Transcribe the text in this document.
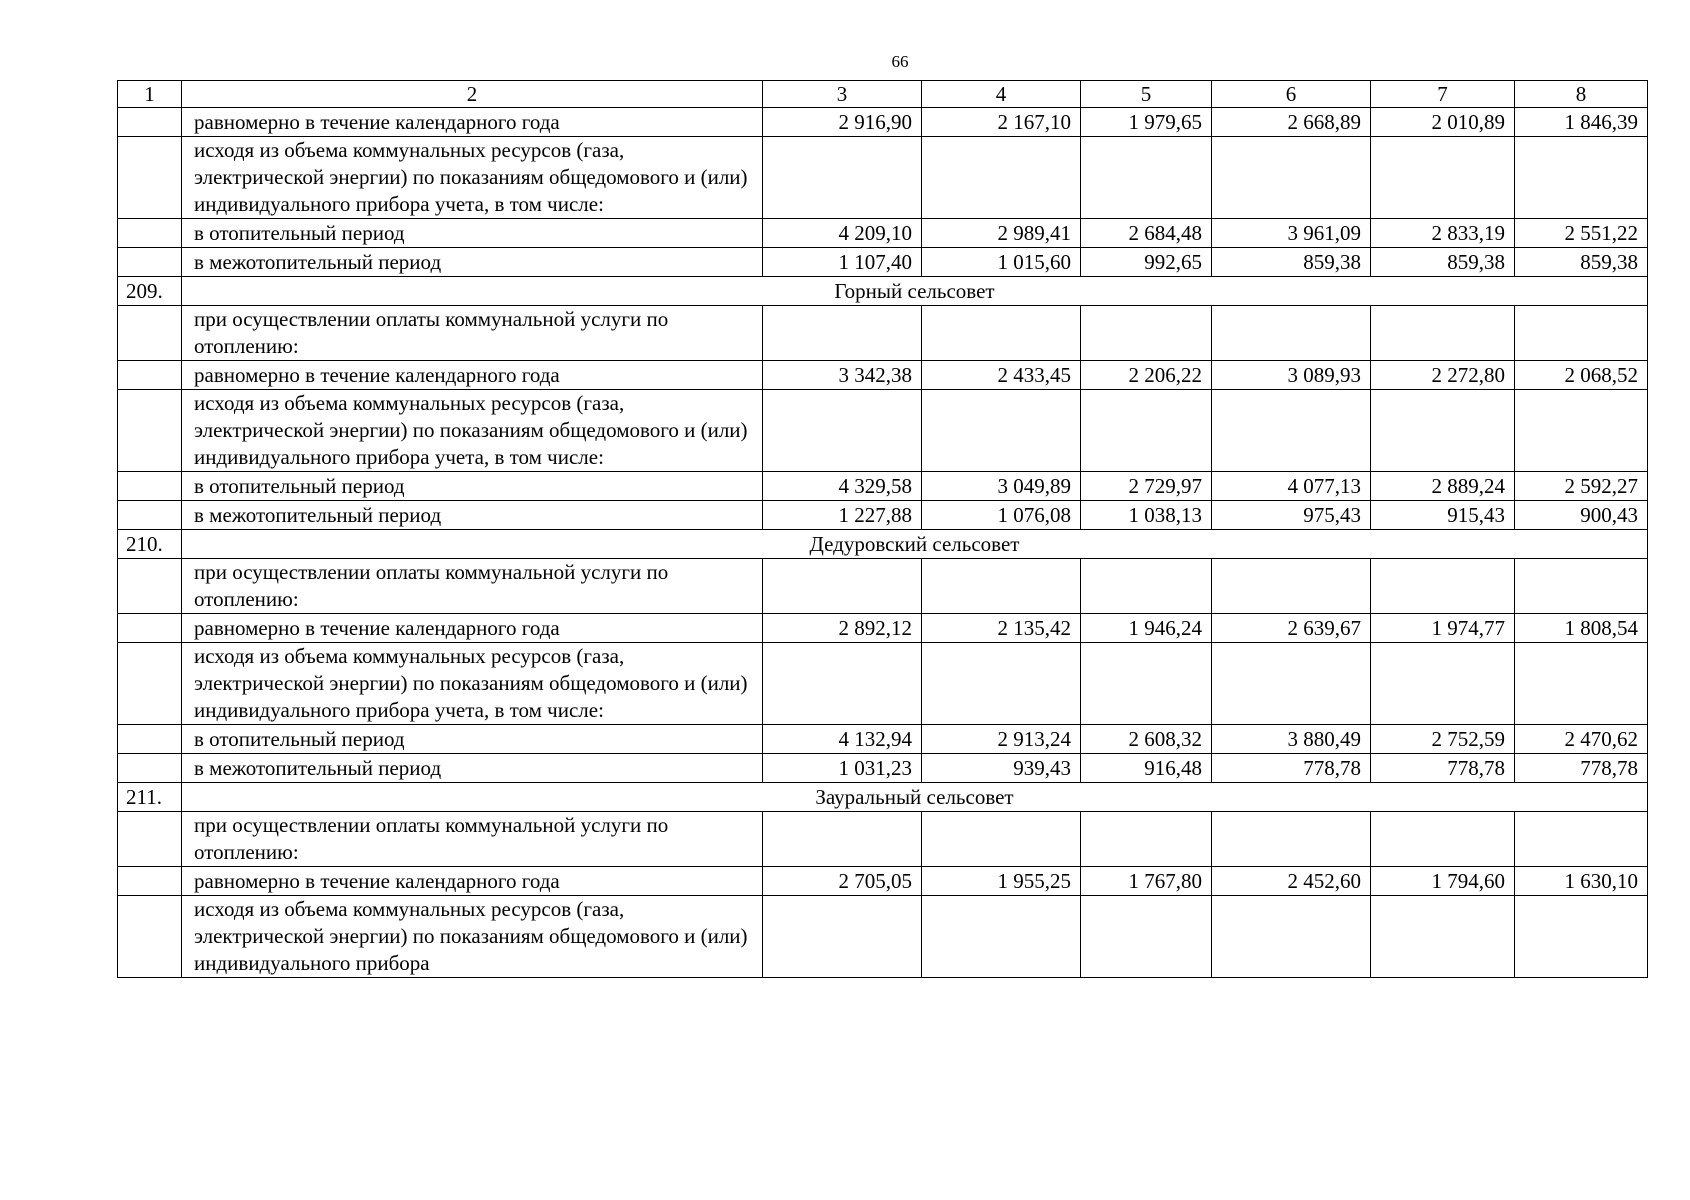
66
1	2	3	4	5	6	7	8
	равномерно в течение календарного года	2 916,90	2 167,10	1 979,65	2 668,89	2 010,89	1 846,39
	исходя из объема коммунальных ресурсов (газа, электрической энергии) по показаниям общедомового и (или) индивидуального прибора учета, в том числе:						
	в отопительный период	4 209,10	2 989,41	2 684,48	3 961,09	2 833,19	2 551,22
	в межотопительный период	1 107,40	1 015,60	992,65	859,38	859,38	859,38
209.	Горный сельсовет						
	при осуществлении оплаты коммунальной услуги по отоплению:						
	равномерно в течение календарного года	3 342,38	2 433,45	2 206,22	3 089,93	2 272,80	2 068,52
	исходя из объема коммунальных ресурсов (газа, электрической энергии) по показаниям общедомового и (или) индивидуального прибора учета, в том числе:						
	в отопительный период	4 329,58	3 049,89	2 729,97	4 077,13	2 889,24	2 592,27
	в межотопительный период	1 227,88	1 076,08	1 038,13	975,43	915,43	900,43
210.	Дедуровский сельсовет						
	при осуществлении оплаты коммунальной услуги по отоплению:						
	равномерно в течение календарного года	2 892,12	2 135,42	1 946,24	2 639,67	1 974,77	1 808,54
	исходя из объема коммунальных ресурсов (газа, электрической энергии) по показаниям общедомового и (или) индивидуального прибора учета, в том числе:						
	в отопительный период	4 132,94	2 913,24	2 608,32	3 880,49	2 752,59	2 470,62
	в межотопительный период	1 031,23	939,43	916,48	778,78	778,78	778,78
211.	Зауральный сельсовет						
	при осуществлении оплаты коммунальной услуги по отоплению:						
	равномерно в течение календарного года	2 705,05	1 955,25	1 767,80	2 452,60	1 794,60	1 630,10
	исходя из объема коммунальных ресурсов (газа, электрической энергии) по показаниям общедомового и (или) индивидуального прибора						
